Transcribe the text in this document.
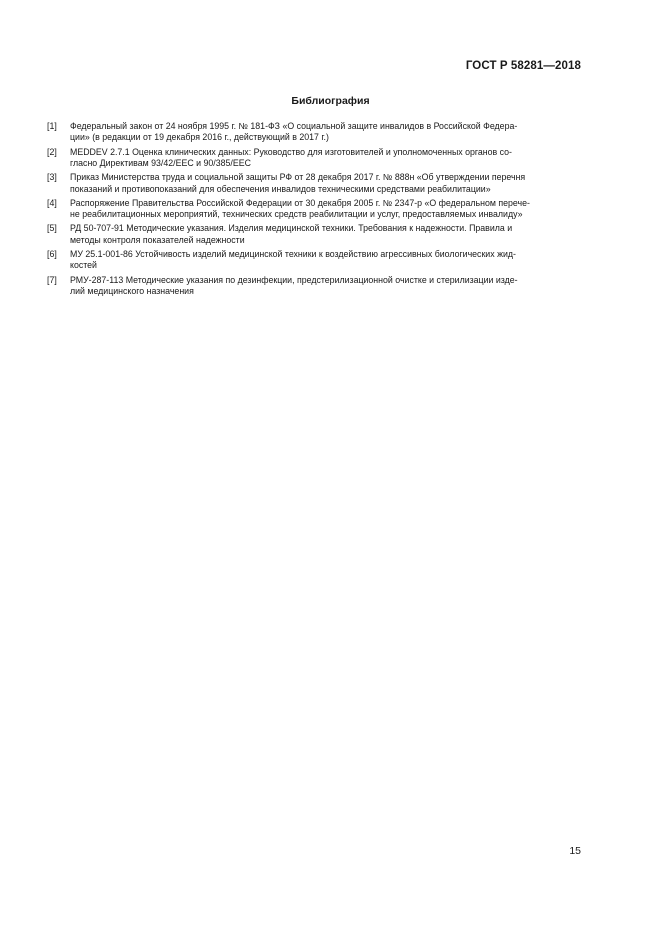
ГОСТ Р 58281—2018
Библиография
[1]	Федеральный закон от 24 ноября 1995 г. № 181-ФЗ «О социальной защите инвалидов в Российской Федера-
ции» (в редакции от 19 декабря 2016 г., действующий в 2017 г.)
[2]	MEDDEV 2.7.1 Оценка клинических данных: Руководство для изготовителей и уполномоченных органов со-
гласно Директивам 93/42/EEC и 90/385/EEC
[3]	Приказ Министерства труда и социальной защиты РФ от 28 декабря 2017 г. № 888н «Об утверждении перечня
показаний и противопоказаний для обеспечения инвалидов техническими средствами реабилитации»
[4]	Распоряжение Правительства Российской Федерации от 30 декабря 2005 г. № 2347-р «О федеральном перече-
не реабилитационных мероприятий, технических средств реабилитации и услуг, предоставляемых инвалиду»
[5]	РД 50-707-91 Методические указания. Изделия медицинской техники. Требования к надежности. Правила и
методы контроля показателей надежности
[6]	МУ 25.1-001-86 Устойчивость изделий медицинской техники к воздействию агрессивных биологических жид-
костей
[7]	РМУ-287-113 Методические указания по дезинфекции, предстерилизационной очистке и стерилизации изде-
лий медицинского назначения
15
